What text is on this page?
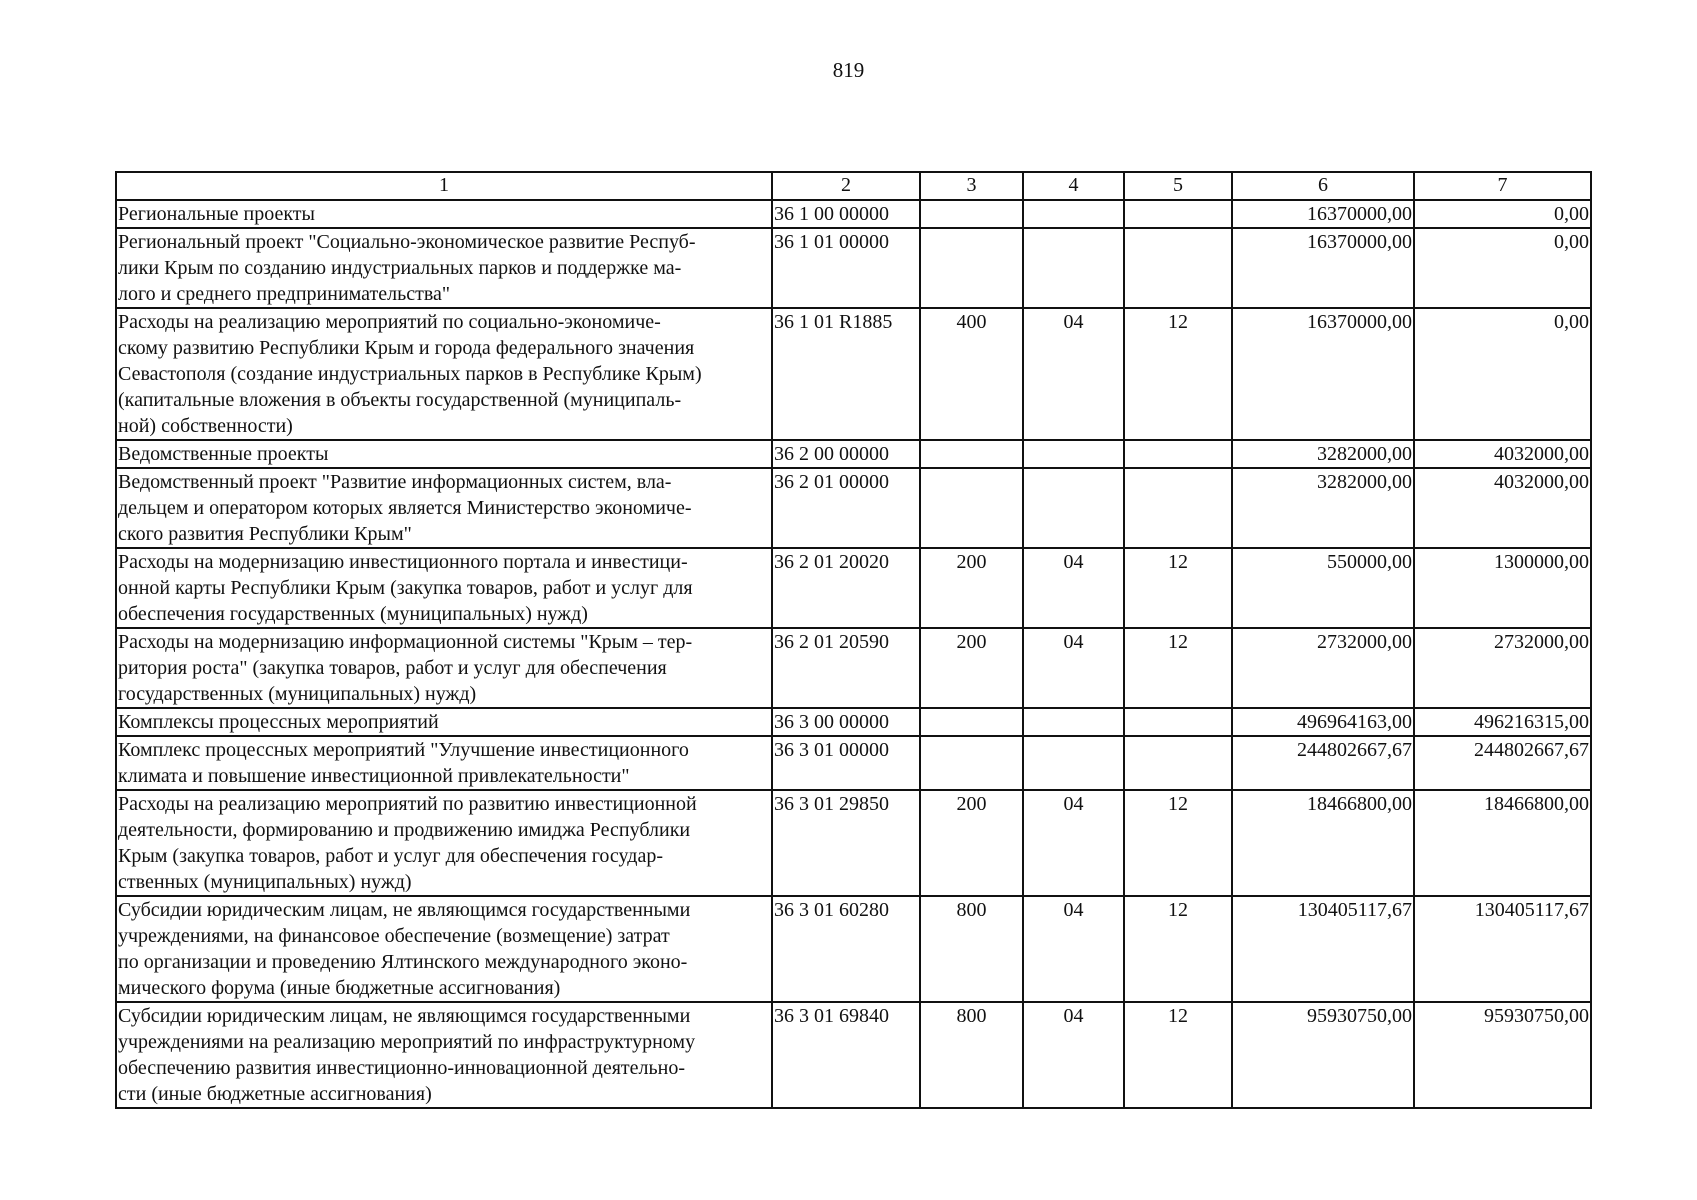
819
1	2	3	4	5	6	7
Региональные проекты	36 1 00 00000				16370000,00	0,00
Региональный проект "Социально-экономическое развитие Респуб-
лики Крым по созданию индустриальных парков и поддержке ма-
лого и среднего предпринимательства"	36 1 01 00000				16370000,00	0,00
Расходы на реализацию мероприятий по социально-экономиче-
скому развитию Республики Крым и города федерального значения
Севастополя (создание индустриальных парков в Республике Крым)
(капитальные вложения в объекты государственной (муниципаль-
ной) собственности)	36 1 01 R1885	400	04	12	16370000,00	0,00
Ведомственные проекты	36 2 00 00000				3282000,00	4032000,00
Ведомственный проект "Развитие информационных систем, вла-
дельцем и оператором которых является Министерство экономиче-
ского развития Республики Крым"	36 2 01 00000				3282000,00	4032000,00
Расходы на модернизацию инвестиционного портала и инвестици-
онной карты Республики Крым (закупка товаров, работ и услуг для
обеспечения государственных (муниципальных) нужд)	36 2 01 20020	200	04	12	550000,00	1300000,00
Расходы на модернизацию информационной системы "Крым – тер-
ритория роста" (закупка товаров, работ и услуг для обеспечения
государственных (муниципальных) нужд)	36 2 01 20590	200	04	12	2732000,00	2732000,00
Комплексы процессных мероприятий	36 3 00 00000				496964163,00	496216315,00
Комплекс процессных мероприятий "Улучшение инвестиционного
климата и повышение инвестиционной привлекательности"	36 3 01 00000				244802667,67	244802667,67
Расходы на реализацию мероприятий по развитию инвестиционной
деятельности, формированию и продвижению имиджа Республики
Крым (закупка товаров, работ и услуг для обеспечения государ-
ственных (муниципальных) нужд)	36 3 01 29850	200	04	12	18466800,00	18466800,00
Субсидии юридическим лицам, не являющимся государственными
учреждениями, на финансовое обеспечение (возмещение) затрат
по организации и проведению Ялтинского международного эконо-
мического форума (иные бюджетные ассигнования)	36 3 01 60280	800	04	12	130405117,67	130405117,67
Субсидии юридическим лицам, не являющимся государственными
учреждениями на реализацию мероприятий по инфраструктурному
обеспечению развития инвестиционно-инновационной деятельно-
сти (иные бюджетные ассигнования)	36 3 01 69840	800	04	12	95930750,00	95930750,00
